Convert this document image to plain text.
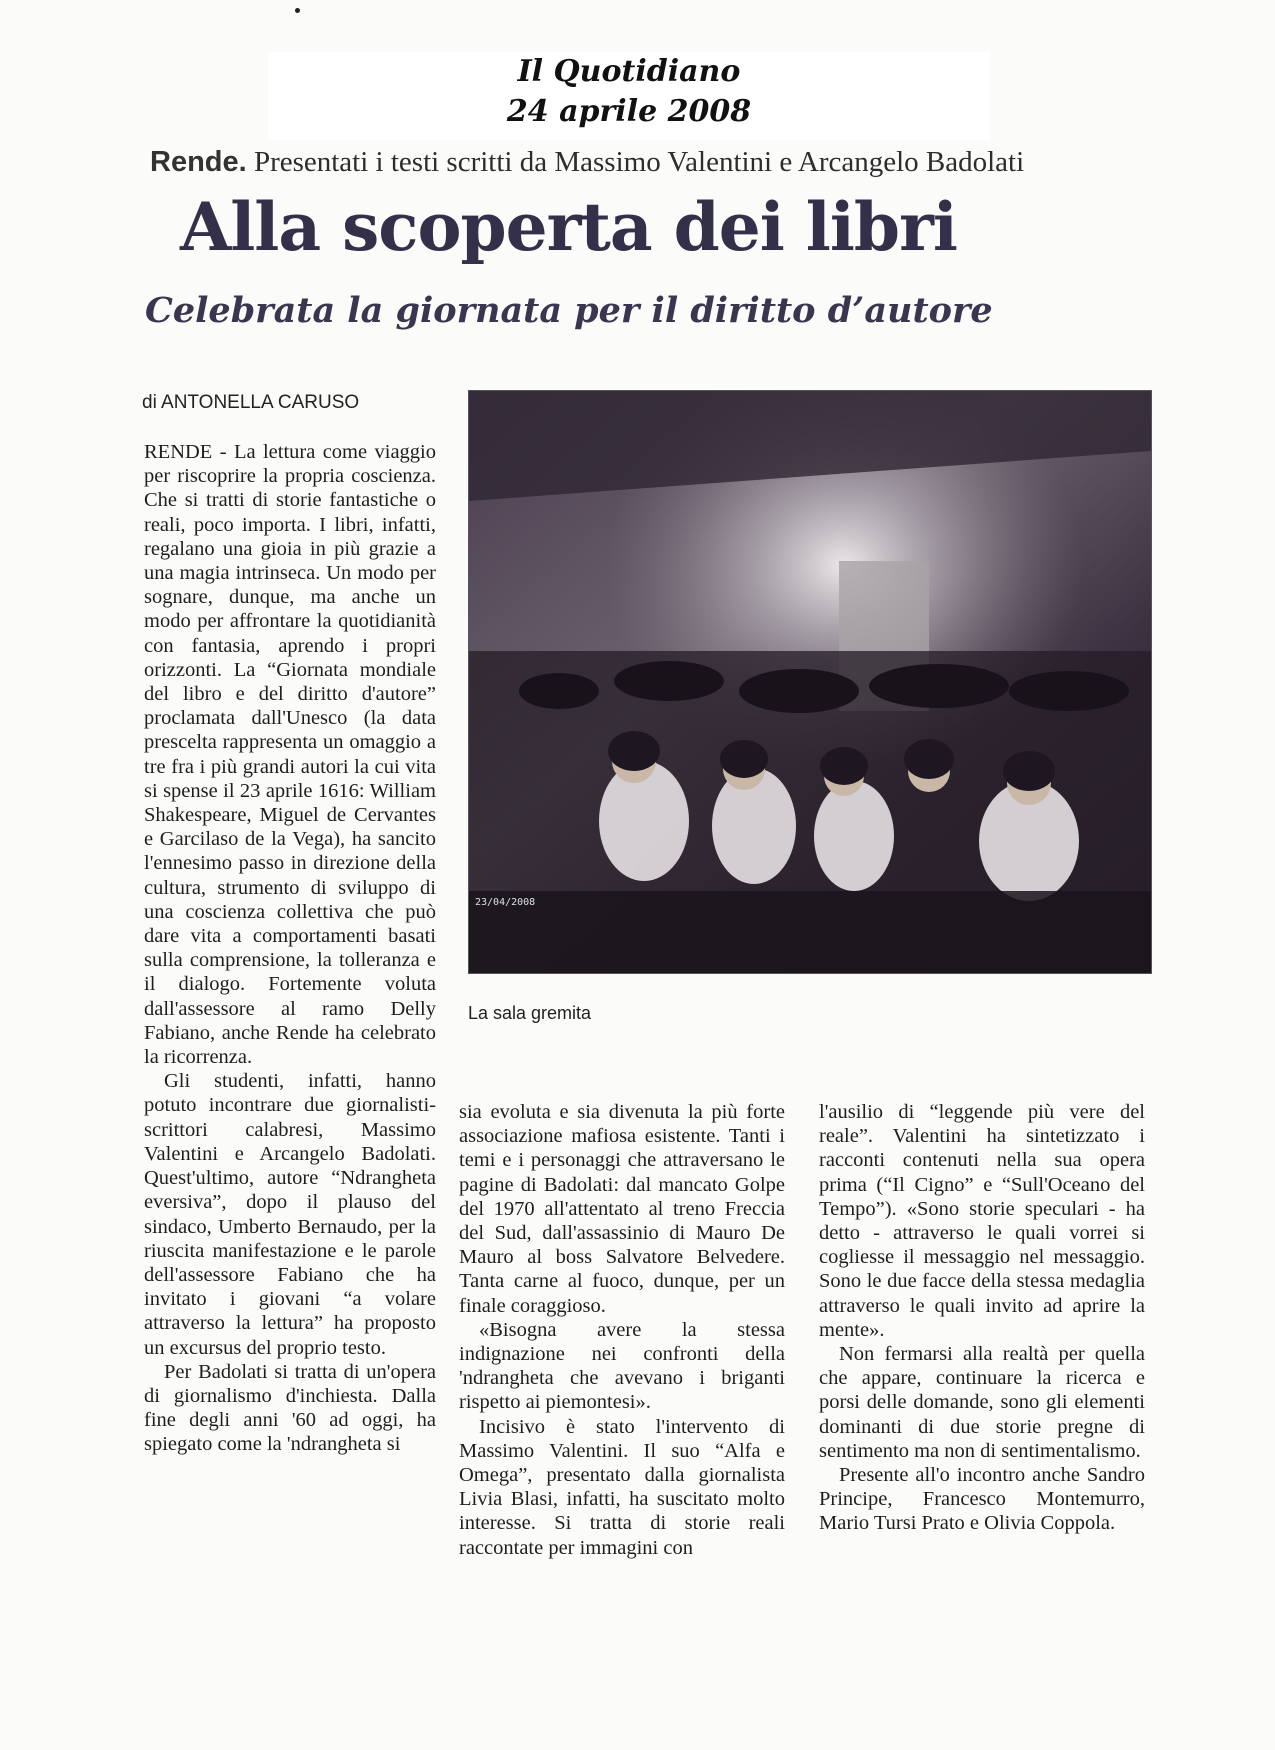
Il Quotidiano
24 aprile 2008
Rende. Presentati i testi scritti da Massimo Valentini e Arcangelo Badolati
Alla scoperta dei libri
Celebrata la giornata per il diritto d’autore
di ANTONELLA CARUSO
23/04/2008
La sala gremita

RENDE - La lettura come viaggio per riscoprire la propria coscienza. Che si tratti di storie fantastiche o reali, poco importa. I libri, infatti, regalano una gioia in più grazie a una magia intrinseca. Un modo per sognare, dunque, ma anche un modo per affrontare la quotidianità con fantasia, aprendo i propri orizzonti. La “Giornata mondiale del libro e del diritto d'autore” proclamata dall'Unesco (la data prescelta rappresenta un omaggio a tre fra i più grandi autori la cui vita si spense il 23 aprile 1616: William Shakespeare, Miguel de Cervantes e Garcilaso de la Vega), ha sancito l'ennesimo passo in direzione della cultura, strumento di sviluppo di una coscienza collettiva che può dare vita a comportamenti basati sulla comprensione, la tolleranza e il dialogo. Fortemente voluta dall'assessore al ramo Delly Fabiano, anche Rende ha celebrato la ricorrenza.

Gli studenti, infatti, hanno potuto incontrare due giornalisti-scrittori calabresi, Massimo Valentini e Arcangelo Badolati. Quest'ultimo, autore “Ndrangheta eversiva”, dopo il plauso del sindaco, Umberto Bernaudo, per la riuscita manifestazione e le parole dell'assessore Fabiano che ha invitato i giovani “a volare attraverso la lettura” ha proposto un excursus del proprio testo.

Per Badolati si tratta di un'opera di giornalismo d'inchiesta. Dalla fine degli anni '60 ad oggi, ha spiegato come la 'ndrangheta si

sia evoluta e sia divenuta la più forte associazione mafiosa esistente. Tanti i temi e i personaggi che attraversano le pagine di Badolati: dal mancato Golpe del 1970 all'attentato al treno Freccia del Sud, dall'assassinio di Mauro De Mauro al boss Salvatore Belvedere. Tanta carne al fuoco, dunque, per un finale coraggioso.

«Bisogna avere la stessa indignazione nei confronti della 'ndrangheta che avevano i briganti rispetto ai piemontesi».

Incisivo è stato l'intervento di Massimo Valentini. Il suo “Alfa e Omega”, presentato dalla giornalista Livia Blasi, infatti, ha suscitato molto interesse. Si tratta di storie reali raccontate per immagini con

l'ausilio di “leggende più vere del reale”. Valentini ha sintetizzato i racconti contenuti nella sua opera prima (“Il Cigno” e “Sull'Oceano del Tempo”). «Sono storie speculari - ha detto - attraverso le quali vorrei si cogliesse il messaggio nel messaggio. Sono le due facce della stessa medaglia attraverso le quali invito ad aprire la mente».

Non fermarsi alla realtà per quella che appare, continuare la ricerca e porsi delle domande, sono gli elementi dominanti di due storie pregne di sentimento ma non di sentimentalismo.

Presente all'o incontro anche Sandro Principe, Francesco Montemurro, Mario Tursi Prato e Olivia Coppola.
